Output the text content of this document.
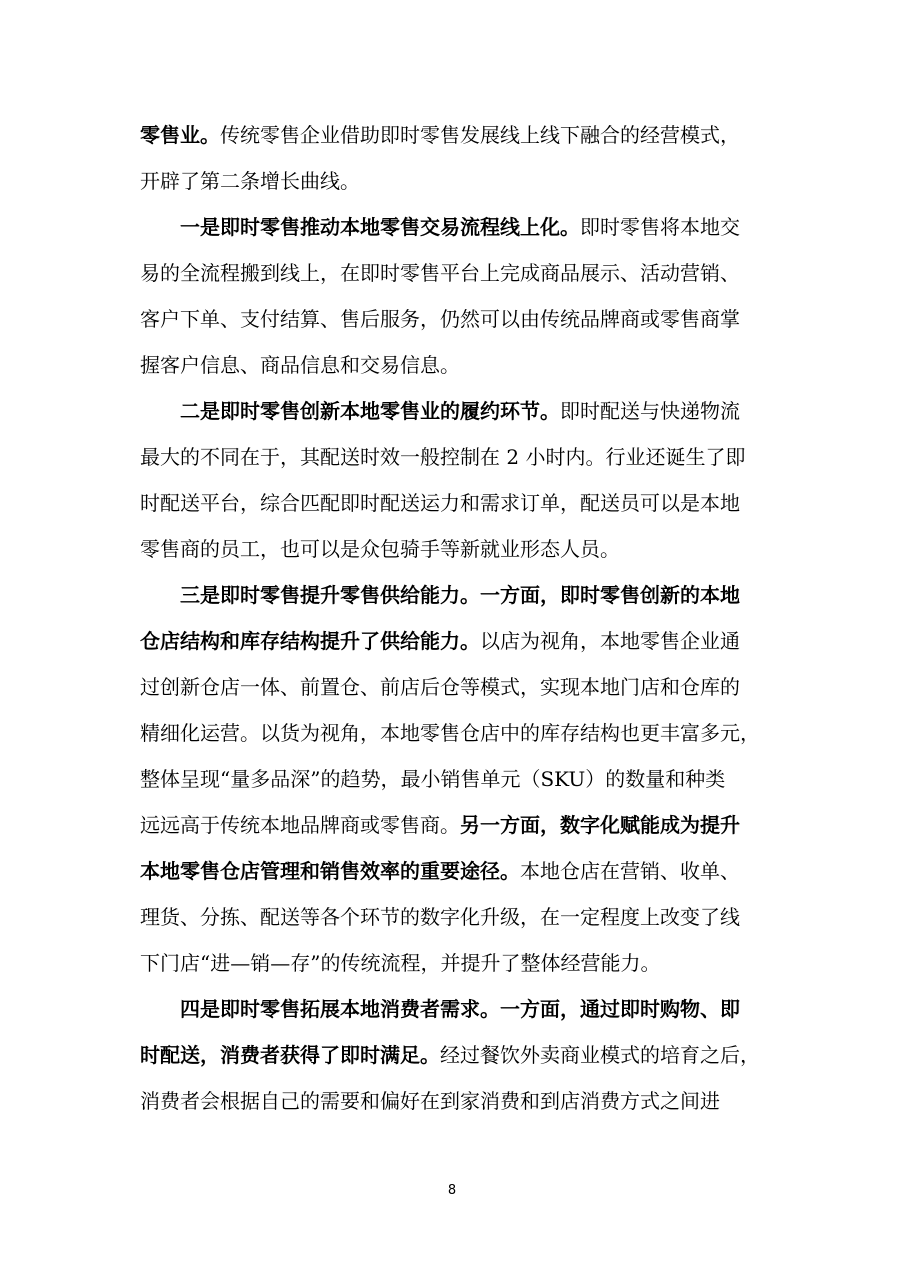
零售业。传统零售企业借助即时零售发展线上线下融合的经营模式，
开辟了第二条增长曲线。

一是即时零售推动本地零售交易流程线上化。即时零售将本地交
易的全流程搬到线上，在即时零售平台上完成商品展示、活动营销、
客户下单、支付结算、售后服务，仍然可以由传统品牌商或零售商掌
握客户信息、商品信息和交易信息。

二是即时零售创新本地零售业的履约环节。即时配送与快递物流
最大的不同在于，其配送时效一般控制在 2 小时内。行业还诞生了即
时配送平台，综合匹配即时配送运力和需求订单，配送员可以是本地
零售商的员工，也可以是众包骑手等新就业形态人员。

三是即时零售提升零售供给能力。一方面，即时零售创新的本地
仓店结构和库存结构提升了供给能力。以店为视角，本地零售企业通
过创新仓店一体、前置仓、前店后仓等模式，实现本地门店和仓库的
精细化运营。以货为视角，本地零售仓店中的库存结构也更丰富多元，
整体呈现“量多品深”的趋势，最小销售单元（SKU）的数量和种类
远远高于传统本地品牌商或零售商。另一方面，数字化赋能成为提升
本地零售仓店管理和销售效率的重要途径。本地仓店在营销、收单、
理货、分拣、配送等各个环节的数字化升级，在一定程度上改变了线
下门店“进—销—存”的传统流程，并提升了整体经营能力。

四是即时零售拓展本地消费者需求。一方面，通过即时购物、即
时配送，消费者获得了即时满足。经过餐饮外卖商业模式的培育之后，
消费者会根据自己的需要和偏好在到家消费和到店消费方式之间进

8
